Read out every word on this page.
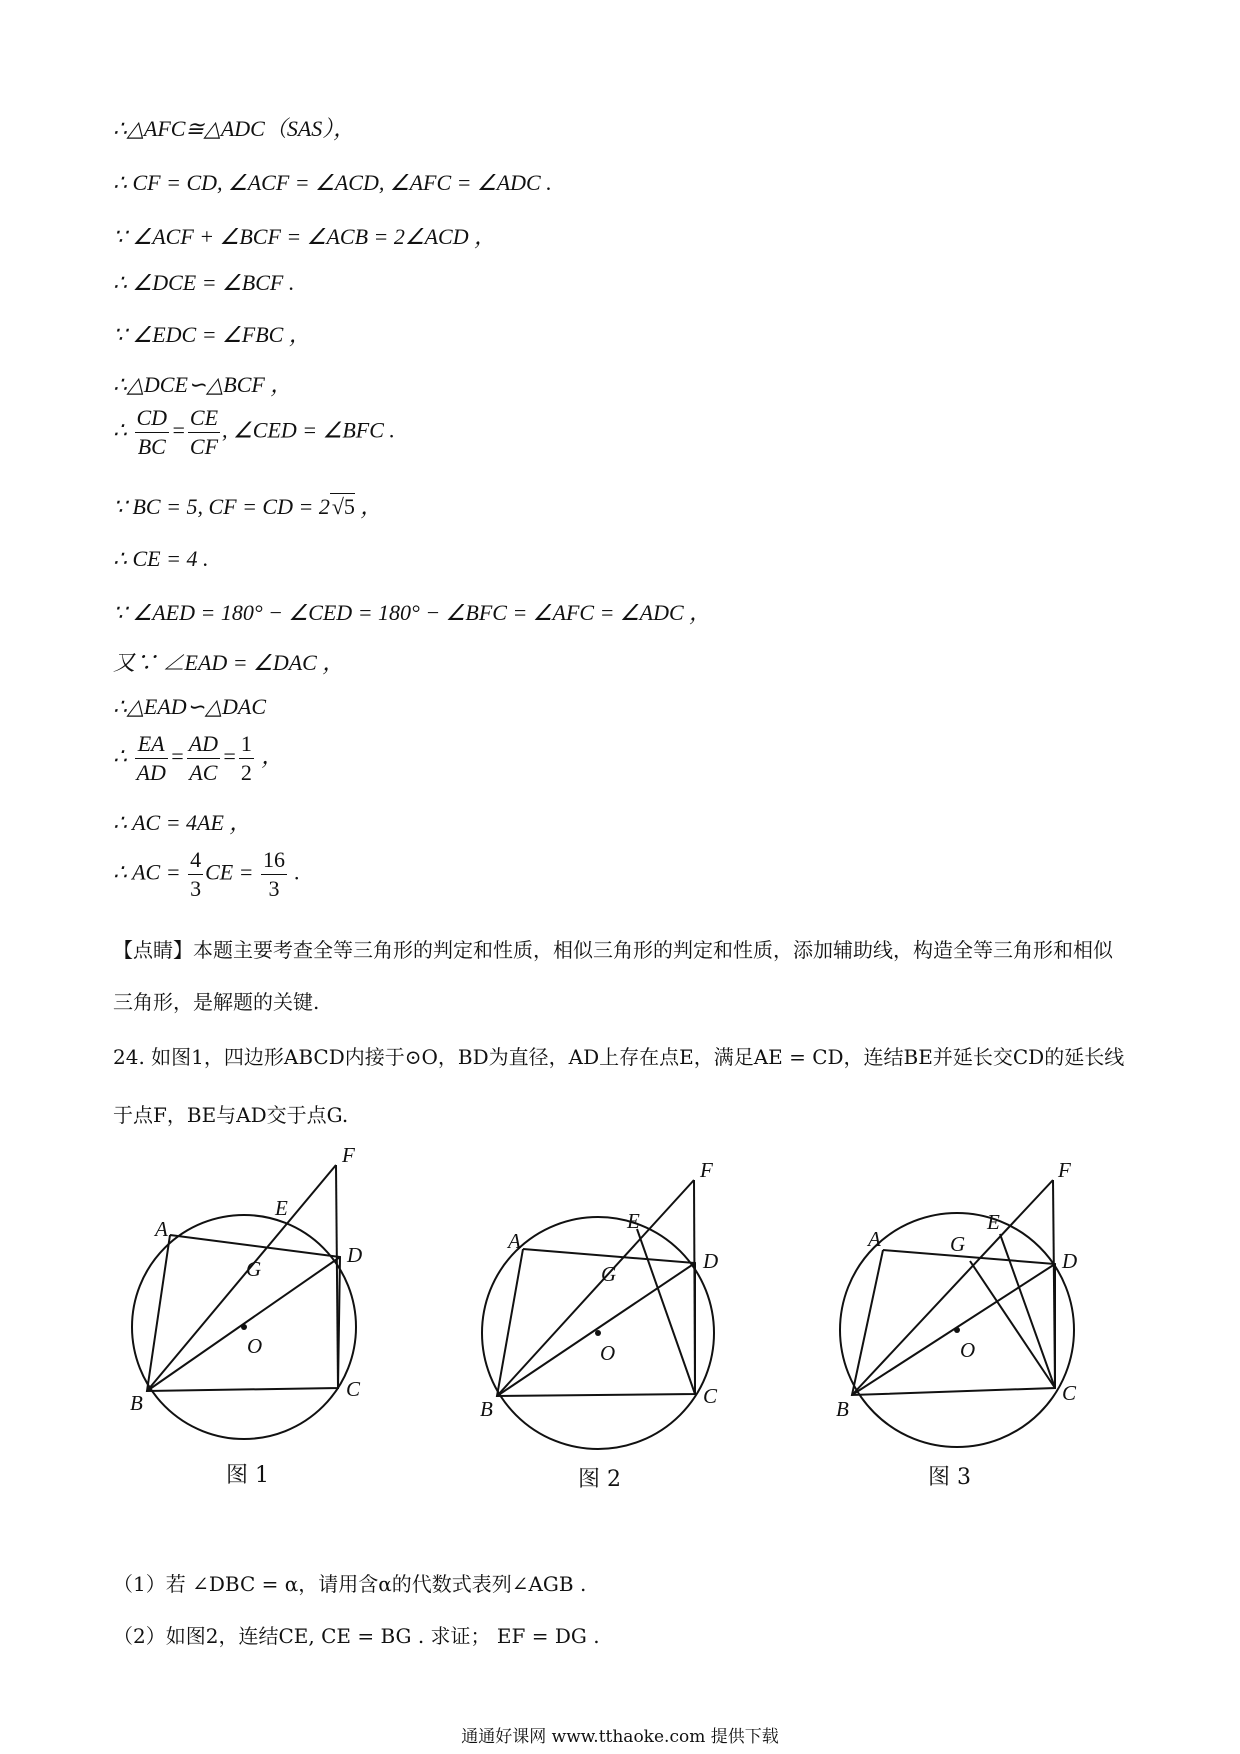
∴△AFC≅△ADC（SAS），
∴ CF = CD, ∠ACF = ∠ACD, ∠AFC = ∠ADC .
∵ ∠ACF + ∠BCF = ∠ACB = 2∠ACD ，
∴ ∠DCE = ∠BCF .
∵ ∠EDC = ∠FBC ，
∴△DCE∽△BCF ，
∴ $\frac{CD}{BC} = \frac{CE}{CF}$ , ∠CED = ∠BFC .
∵ BC = 5, CF = CD = 2√5 ，
∴ CE = 4 .
∵ ∠AED = 180° − ∠CED = 180° − ∠BFC = ∠AFC = ∠ADC ，
又∵ ∠EAD = ∠DAC ，
∴△EAD∽△DAC
∴ $\frac{EA}{AD} = \frac{AD}{AC} = \frac{1}{2}$ ，
∴ AC = 4AE ，
∴ AC = $\frac{4}{3}$ CE = $\frac{16}{3}$ .
【点睛】本题主要考查全等三角形的判定和性质，相似三角形的判定和性质，添加辅助线，构造全等三角形和相似三角形，是解题的关键.
24. 如图1，四边形ABCD内接于⊙O，BD为直径，AD上存在点E，满足AE = CD，连结BE并延长交CD的延长线于点F，BE与AD交于点G.
A
B
C
D
E
F
G
O
A
B
C
D
E
F
G
O
A
B
C
D
E
F
G
O
图 1	图 2	图 3
（1）若 ∠DBC = α，请用含α的代数式表列∠AGB .
（2）如图2，连结CE, CE = BG . 求证； EF = DG .
通通好课网 www.tthaoke.com 提供下载
